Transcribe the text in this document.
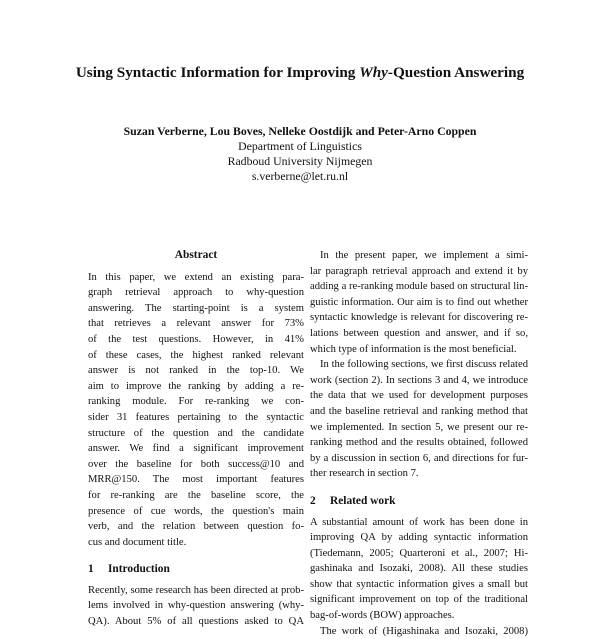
Using Syntactic Information for Improving Why-Question Answering
Suzan Verberne, Lou Boves, Nelleke Oostdijk and Peter-Arno Coppen
Department of Linguistics
Radboud University Nijmegen
s.verberne@let.ru.nl
Abstract
In this paper, we extend an existing para-
graph retrieval approach to why-question
answering. The starting-point is a system
that retrieves a relevant answer for 73%
of the test questions. However, in 41%
of these cases, the highest ranked relevant
answer is not ranked in the top-10. We
aim to improve the ranking by adding a re-
ranking module. For re-ranking we con-
sider 31 features pertaining to the syntactic
structure of the question and the candidate
answer. We find a significant improvement
over the baseline for both success@10 and
MRR@150. The most important features
for re-ranking are the baseline score, the
presence of cue words, the question's main
verb, and the relation between question fo-
cus and document title.
1 Introduction
Recently, some research has been directed at prob-
lems involved in why-question answering (why-
QA). About 5% of all questions asked to QA
In the present paper, we implement a simi-
lar paragraph retrieval approach and extend it by
adding a re-ranking module based on structural lin-
guistic information. Our aim is to find out whether
syntactic knowledge is relevant for discovering re-
lations between question and answer, and if so,
which type of information is the most beneficial.
In the following sections, we first discuss related
work (section 2). In sections 3 and 4, we introduce
the data that we used for development purposes
and the baseline retrieval and ranking method that
we implemented. In section 5, we present our re-
ranking method and the results obtained, followed
by a discussion in section 6, and directions for fur-
ther research in section 7.
2 Related work
A substantial amount of work has been done in
improving QA by adding syntactic information
(Tiedemann, 2005; Quarteroni et al., 2007; Hi-
gashinaka and Isozaki, 2008). All these studies
show that syntactic information gives a small but
significant improvement on top of the traditional
bag-of-words (BOW) approaches.
The work of (Higashinaka and Isozaki, 2008)
